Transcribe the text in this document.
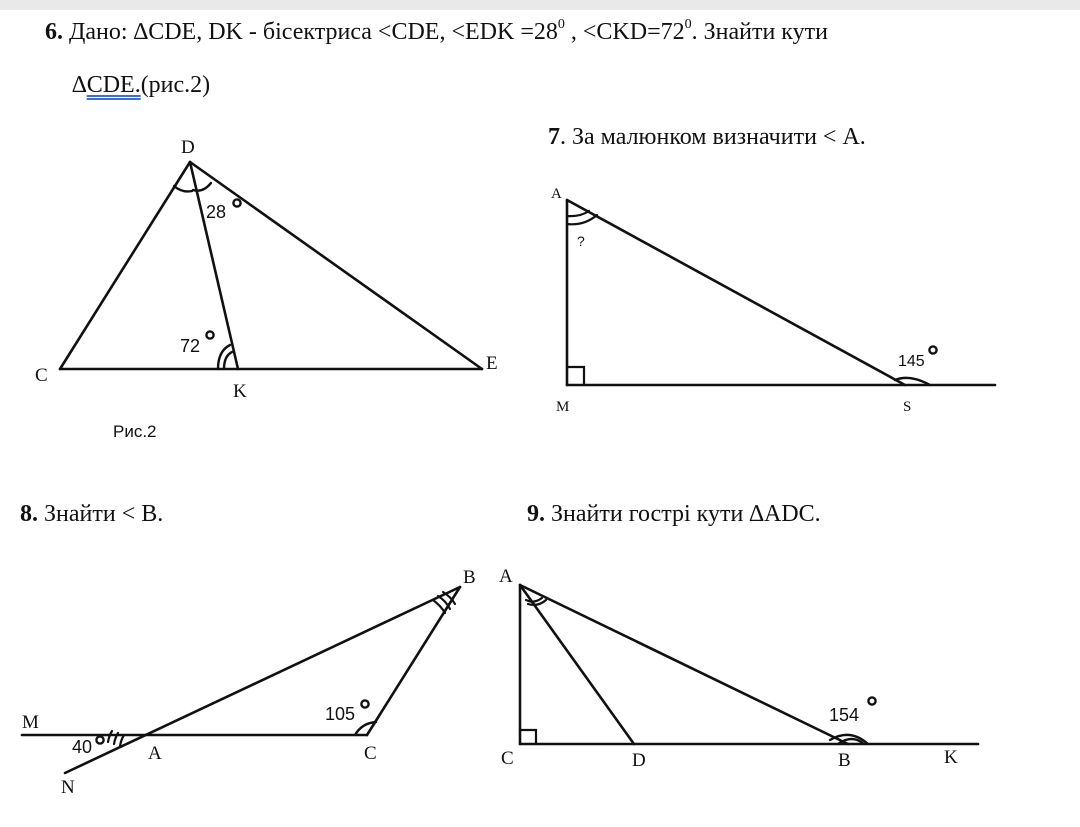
6. Дано: ∆CDE, DK - бісектриса <CDE, $<EDK =28^0$ , $<CKD=72^0$. Знайти кути
∆CDE.(рис.2)
7. За малюнком визначити < A.
8. Знайти < B.	9. Знайти гострі кути ∆ADC.
Рис.2
D
C
E
K
28
72
A
M	S
?
145
B
M
A	C
N
40
105
A
C	D	B	K
154
